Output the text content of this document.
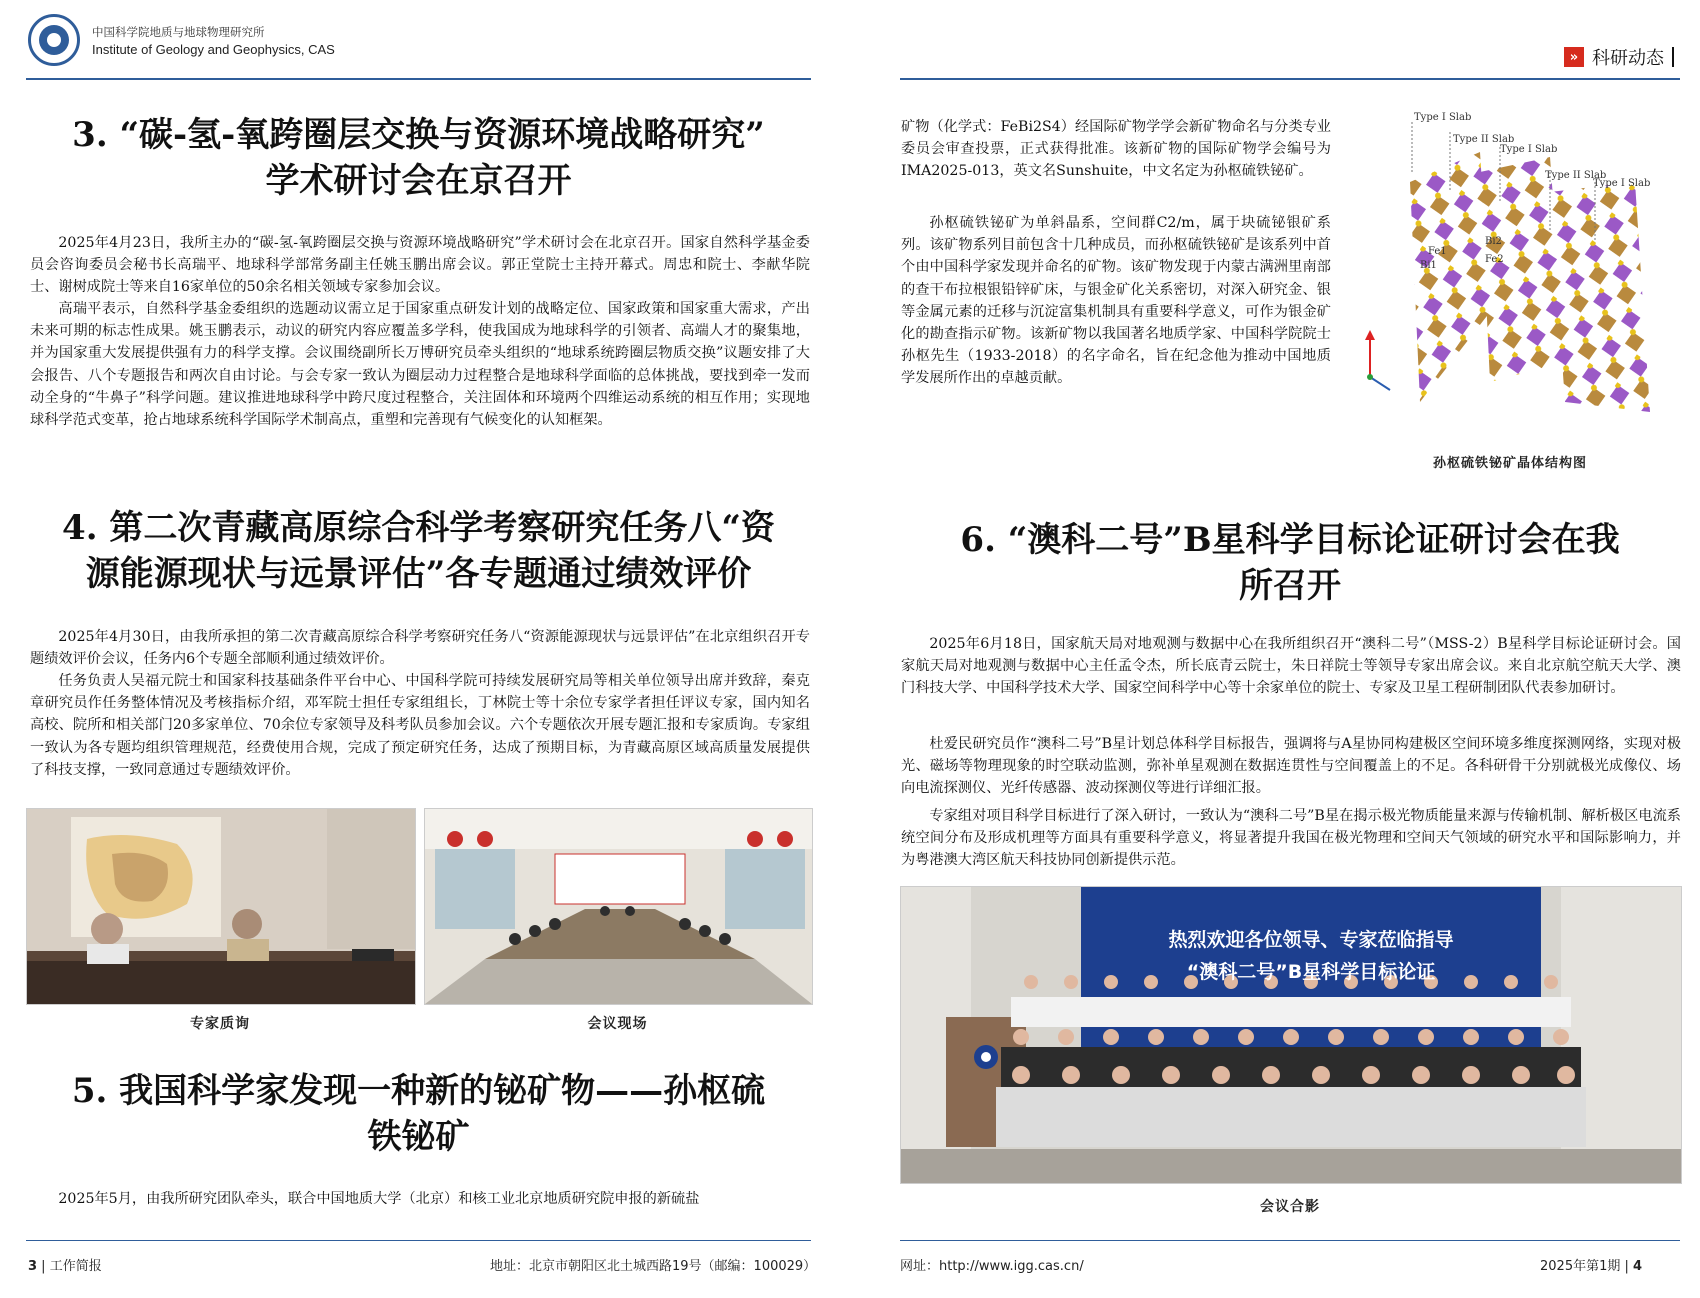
中国科学院地质与地球物理研究所
Institute of Geology and Geophysics, CAS
3. “碳-氢-氧跨圈层交换与资源环境战略研究”
学术研讨会在京召开

2025年4月23日，我所主办的“碳-氢-氧跨圈层交换与资源环境战略研究”学术研讨会在北京召开。国家自然科学基金委员会咨询委员会秘书长高瑞平、地球科学部常务副主任姚玉鹏出席会议。郭正堂院士主持开幕式。周忠和院士、李献华院士、谢树成院士等来自16家单位的50余名相关领域专家参加会议。

高瑞平表示，自然科学基金委组织的选题动议需立足于国家重点研发计划的战略定位、国家政策和国家重大需求，产出未来可期的标志性成果。姚玉鹏表示，动议的研究内容应覆盖多学科，使我国成为地球科学的引领者、高端人才的聚集地，并为国家重大发展提供强有力的科学支撑。会议围绕副所长万博研究员牵头组织的“地球系统跨圈层物质交换”议题安排了大会报告、八个专题报告和两次自由讨论。与会专家一致认为圈层动力过程整合是地球科学面临的总体挑战，要找到牵一发而动全身的“牛鼻子”科学问题。建议推进地球科学中跨尺度过程整合，关注固体和环境两个四维运动系统的相互作用；实现地球科学范式变革，抢占地球系统科学国际学术制高点，重塑和完善现有气候变化的认知框架。

4. 第二次青藏高原综合科学考察研究任务八“资
源能源现状与远景评估”各专题通过绩效评价

2025年4月30日，由我所承担的第二次青藏高原综合科学考察研究任务八“资源能源现状与远景评估”在北京组织召开专题绩效评价会议，任务内6个专题全部顺利通过绩效评价。

任务负责人吴福元院士和国家科技基础条件平台中心、中国科学院可持续发展研究局等相关单位领导出席并致辞，秦克章研究员作任务整体情况及考核指标介绍，邓军院士担任专家组组长，丁林院士等十余位专家学者担任评议专家，国内知名高校、院所和相关部门20多家单位、70余位专家领导及科考队员参加会议。六个专题依次开展专题汇报和专家质询。专家组一致认为各专题均组织管理规范，经费使用合规，完成了预定研究任务，达成了预期目标，为青藏高原区域高质量发展提供了科技支撑，一致同意通过专题绩效评价。

专家质询	会议现场
5. 我国科学家发现一种新的铋矿物——孙枢硫
铁铋矿

2025年5月，由我所研究团队牵头，联合中国地质大学（北京）和核工业北京地质研究院申报的新硫盐

3 | 工作简报	地址：北京市朝阳区北土城西路19号（邮编：100029）
» 科研动态

矿物（化学式：FeBi2S4）经国际矿物学学会新矿物命名与分类专业委员会审查投票，正式获得批准。该新矿物的国际矿物学会编号为IMA2025-013，英文名Sunshuite，中文名定为孙枢硫铁铋矿。

孙枢硫铁铋矿为单斜晶系，空间群C2/m，属于块硫铋银矿系列。该矿物系列目前包含十几种成员，而孙枢硫铁铋矿是该系列中首个由中国科学家发现并命名的矿物。该矿物发现于内蒙古满洲里南部的查干布拉根银铅锌矿床，与银金矿化关系密切，对深入研究金、银等金属元素的迁移与沉淀富集机制具有重要科学意义，可作为银金矿化的勘查指示矿物。该新矿物以我国著名地质学家、中国科学院院士孙枢先生（1933-2018）的名字命名，旨在纪念他为推动中国地质学发展所作出的卓越贡献。

Type I Slab
Type II Slab
Type I Slab
Type II Slab
Type I Slab
Fe1
Bi1
Bi2
Fe2
孙枢硫铁铋矿晶体结构图
6. “澳科二号”B星科学目标论证研讨会在我
所召开

2025年6月18日，国家航天局对地观测与数据中心在我所组织召开“澳科二号”（MSS-2）B星科学目标论证研讨会。国家航天局对地观测与数据中心主任孟令杰，所长底青云院士，朱日祥院士等领导专家出席会议。来自北京航空航天大学、澳门科技大学、中国科学技术大学、国家空间科学中心等十余家单位的院士、专家及卫星工程研制团队代表参加研讨。

杜爱民研究员作“澳科二号”B星计划总体科学目标报告，强调将与A星协同构建极区空间环境多维度探测网络，实现对极光、磁场等物理现象的时空联动监测，弥补单星观测在数据连贯性与空间覆盖上的不足。各科研骨干分别就极光成像仪、场向电流探测仪、光纤传感器、波动探测仪等进行详细汇报。

专家组对项目科学目标进行了深入研讨，一致认为“澳科二号”B星在揭示极光物质能量来源与传输机制、解析极区电流系统空间分布及形成机理等方面具有重要科学意义，将显著提升我国在极光物理和空间天气领域的研究水平和国际影响力，并为粤港澳大湾区航天科技协同创新提供示范。

热烈欢迎各位领导、专家莅临指导
“澳科二号”B星科学目标论证
会议合影
网址：http://www.igg.cas.cn/	2025年第1期 | 4
